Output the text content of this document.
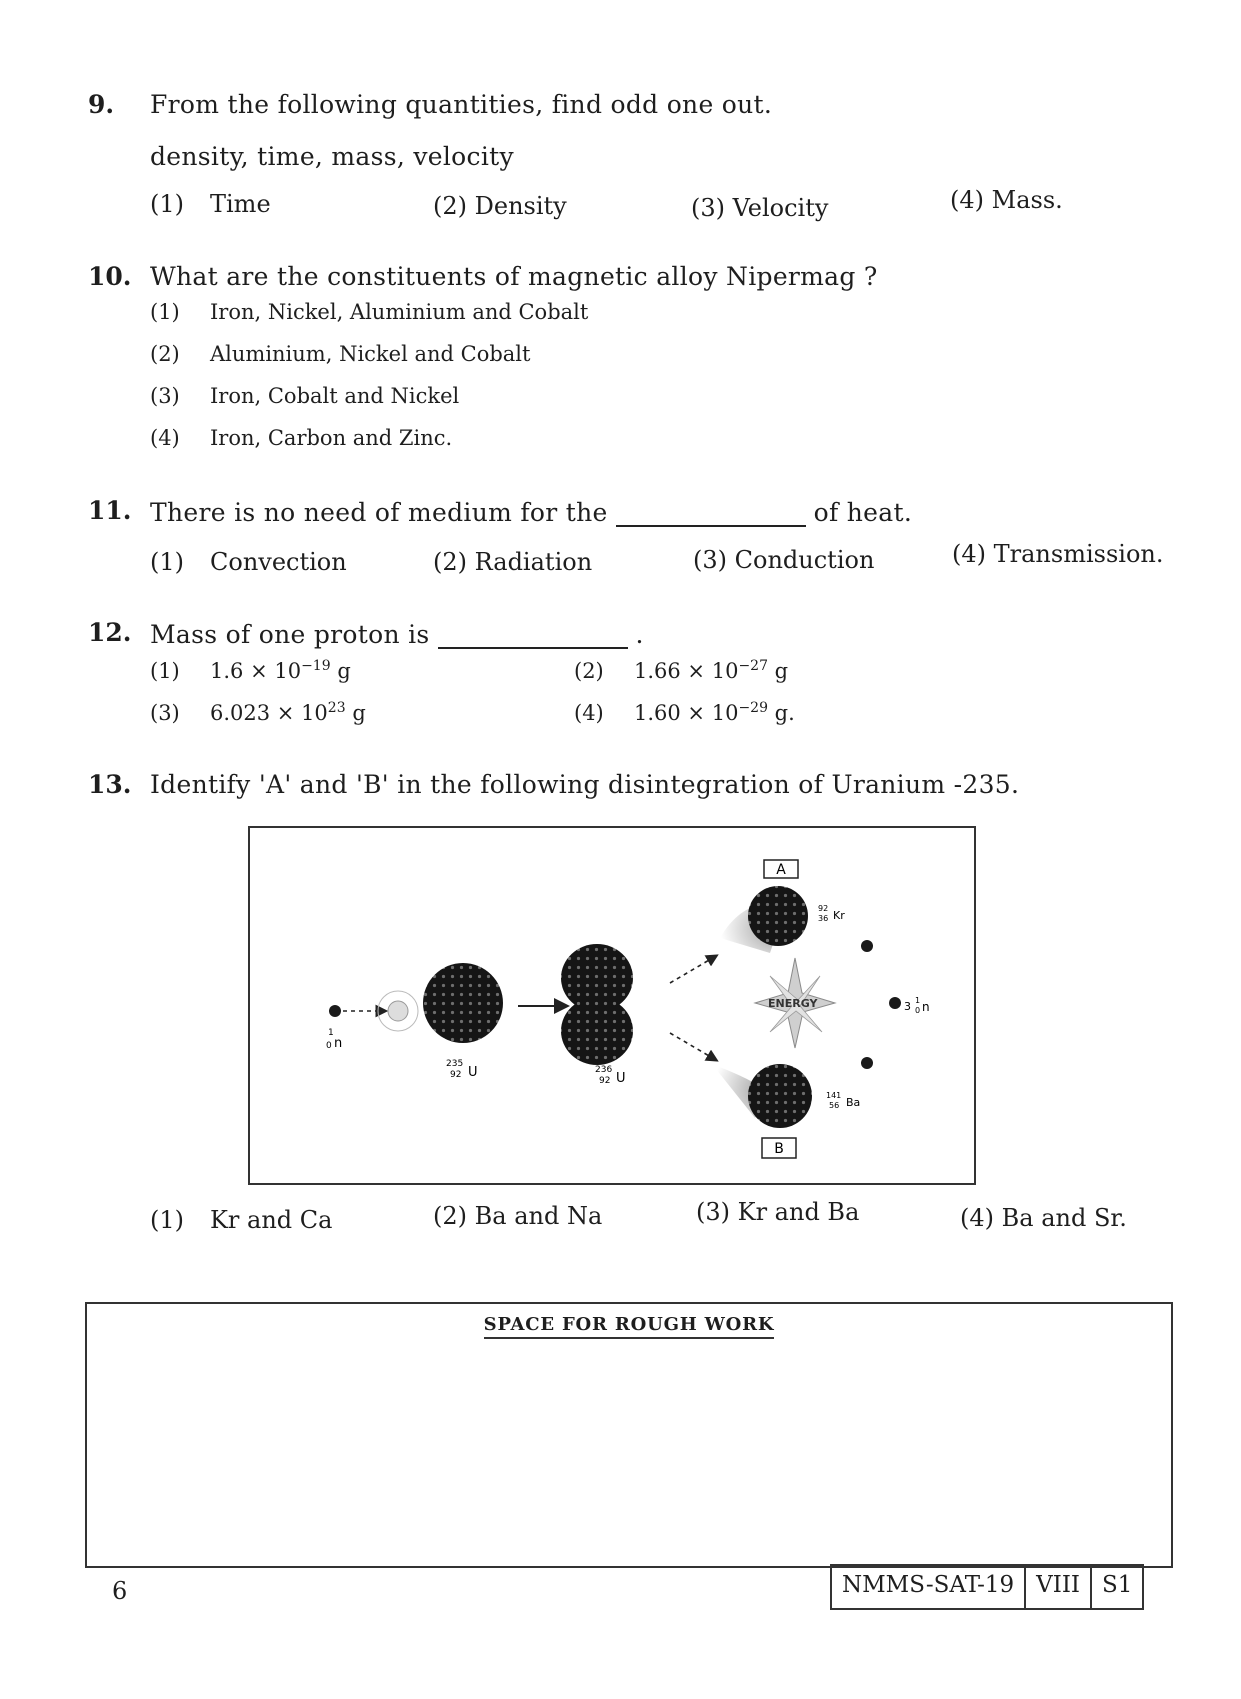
9. From the following quantities, find odd one out.
density, time, mass, velocity
(1) Time	(2) Density	(3) Velocity	(4) Mass.
10. What are the constituents of magnetic alloy Nipermag ?
(1) Iron, Nickel, Aluminium and Cobalt
(2) Aluminium, Nickel and Cobalt
(3) Iron, Cobalt and Nickel
(4) Iron, Carbon and Zinc.
11. There is no need of medium for the	of heat.
(1) Convection	(2) Radiation	(3) Conduction	(4) Transmission.
12. Mass of one proton is	.
(1) $1.6 \times 10^{-19}$ g	(2) $1.66 \times 10^{-27}$ g
(3) $6.023 \times 10^{23}$ g	(4) $1.60 \times 10^{-29}$ g.
13. Identify 'A' and 'B' in the following disintegration of Uranium -235.
1
0 n
235
92 U	236
92 U
A
92
36 Kr
ENERGY	3 1
0 n
141
56 Ba
B
(1) Kr and Ca	(2) Ba and Na	(3) Kr and Ba	(4) Ba and Sr.
SPACE FOR ROUGH WORK
6	NMMS-SAT-19 VIII S1
